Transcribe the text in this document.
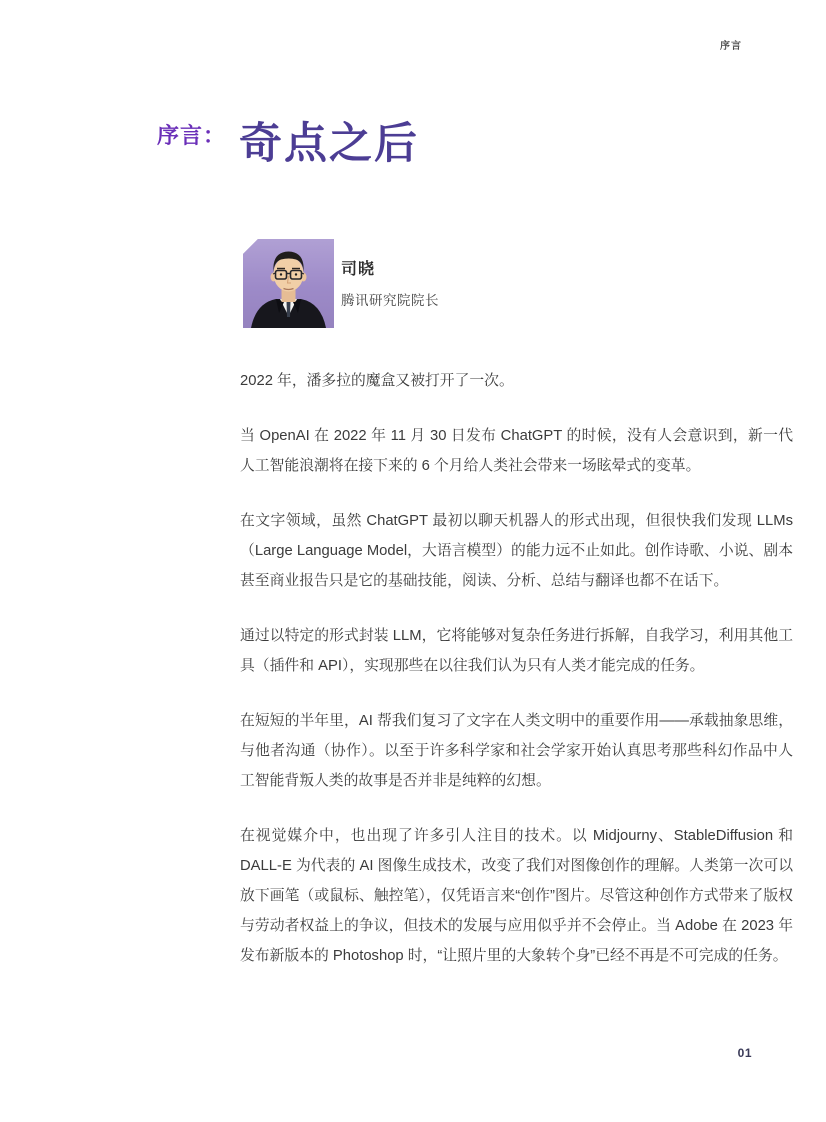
序言
序言： 奇点之后
司晓
腾讯研究院院长

2022 年，潘多拉的魔盒又被打开了一次。

当 OpenAI 在 2022 年 11 月 30 日发布 ChatGPT 的时候，没有人会意识到，新一代人工智能浪潮将在接下来的 6 个月给人类社会带来一场眩晕式的变革。

在文字领域，虽然 ChatGPT 最初以聊天机器人的形式出现，但很快我们发现 LLMs（Large Language Model，大语言模型）的能力远不止如此。创作诗歌、小说、剧本甚至商业报告只是它的基础技能，阅读、分析、总结与翻译也都不在话下。

通过以特定的形式封装 LLM，它将能够对复杂任务进行拆解，自我学习，利用其他工具（插件和 API），实现那些在以往我们认为只有人类才能完成的任务。

在短短的半年里，AI 帮我们复习了文字在人类文明中的重要作用——承载抽象思维，与他者沟通（协作）。以至于许多科学家和社会学家开始认真思考那些科幻作品中人工智能背叛人类的故事是否并非是纯粹的幻想。

在视觉媒介中，也出现了许多引人注目的技术。以 Midjourny、StableDiffusion 和 DALL-E 为代表的 AI 图像生成技术，改变了我们对图像创作的理解。人类第一次可以放下画笔（或鼠标、触控笔），仅凭语言来“创作”图片。尽管这种创作方式带来了版权与劳动者权益上的争议，但技术的发展与应用似乎并不会停止。当 Adobe 在 2023 年发布新版本的 Photoshop 时，“让照片里的大象转个身”已经不再是不可完成的任务。

01
